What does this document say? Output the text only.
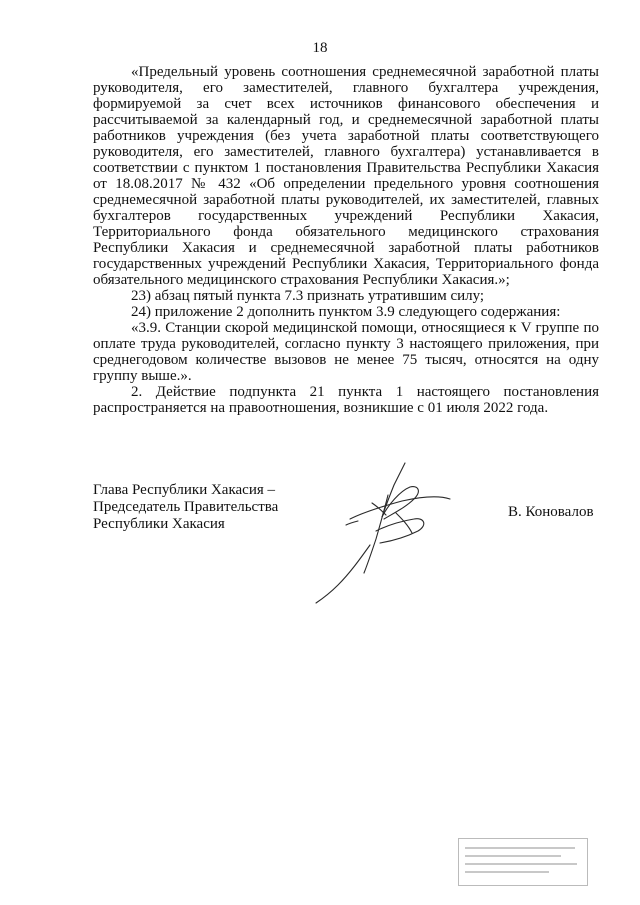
18

«Предельный уровень соотношения среднемесячной заработной платы руководителя, его заместителей, главного бухгалтера учреждения, формируемой за счет всех источников финансового обеспечения и рассчитываемой за календарный год, и среднемесячной заработной платы работников учреждения (без учета заработной платы соответствующего руководителя, его заместителей, главного бухгалтера) устанавливается в соответствии с пунктом 1 постановления Правительства Республики Хакасия от 18.08.2017 № 432 «Об определении предельного уровня соотношения среднемесячной заработной платы руководителей, их заместителей, главных бухгалтеров государственных учреждений Республики Хакасия, Территориального фонда обязательного медицинского страхования Республики Хакасия и среднемесячной заработной платы работников государственных учреждений Республики Хакасия, Территориального фонда обязательного медицинского страхования Республики Хакасия.»;

23) абзац пятый пункта 7.3 признать утратившим силу;

24) приложение 2 дополнить пунктом 3.9 следующего содержания:

«3.9. Станции скорой медицинской помощи, относящиеся к V группе по оплате труда руководителей, согласно пункту 3 настоящего приложения, при среднегодовом количестве вызовов не менее 75 тысяч, относятся на одну группу выше.».

2. Действие подпункта 21 пункта 1 настоящего постановления распространяется на правоотношения, возникшие с 01 июля 2022 года.

Глава Республики Хакасия –
Председатель Правительства
Республики Хакасия
В. Коновалов
